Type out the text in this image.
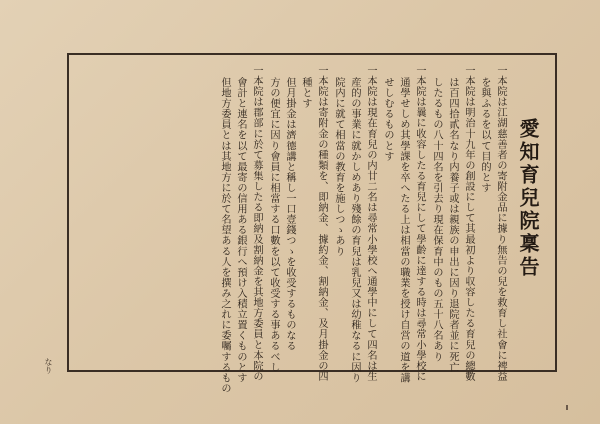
愛知育兒院稟告
一本院は江湖慈善者の寄附金品に據り無告の兒を救育し社會に裨益
を與ふるを以て目的とす
一本院は明治十九年の創設にして其最初より収容したる育兒の總數
は百四拾貳名なり内養子或は親族の申出に因り退院者並に死亡
したるもの八十四名を引去り現在保育中のもの五十八名あり
一本院は曩に收容したる育兒にして學齡に達する時は尋常小學校に
通學せしめ其學課を卒へたる上は相當の職業を授け自営の道を講
せしむるものとす
一本院は現在育兒の内廿二名は尋常小學校へ通學中にして四名は生
産的の事業に就かしめあり殘餘の育兒は乳兒又は幼稚なるに因り
院内に就て相當の教育を施しつゝあり
一本院は寄附金の種類を、即納金、據約金、割納金、及月掛金の四
種とす
但月掛金は濟德講と稱し一口壹錢つゝを收受するものなる
方の便宜に因り會員に相當する口數を以て收受する事あるべし
一本院は郡部に於て募集したる即納及割納金を其地方委員と本院の
會計と連名を以て最寄の信用ある銀行へ預け入積立置くものとす
但地方委員とは其地方に於て名望ある人を撰み之れに委囑するもの
なり
